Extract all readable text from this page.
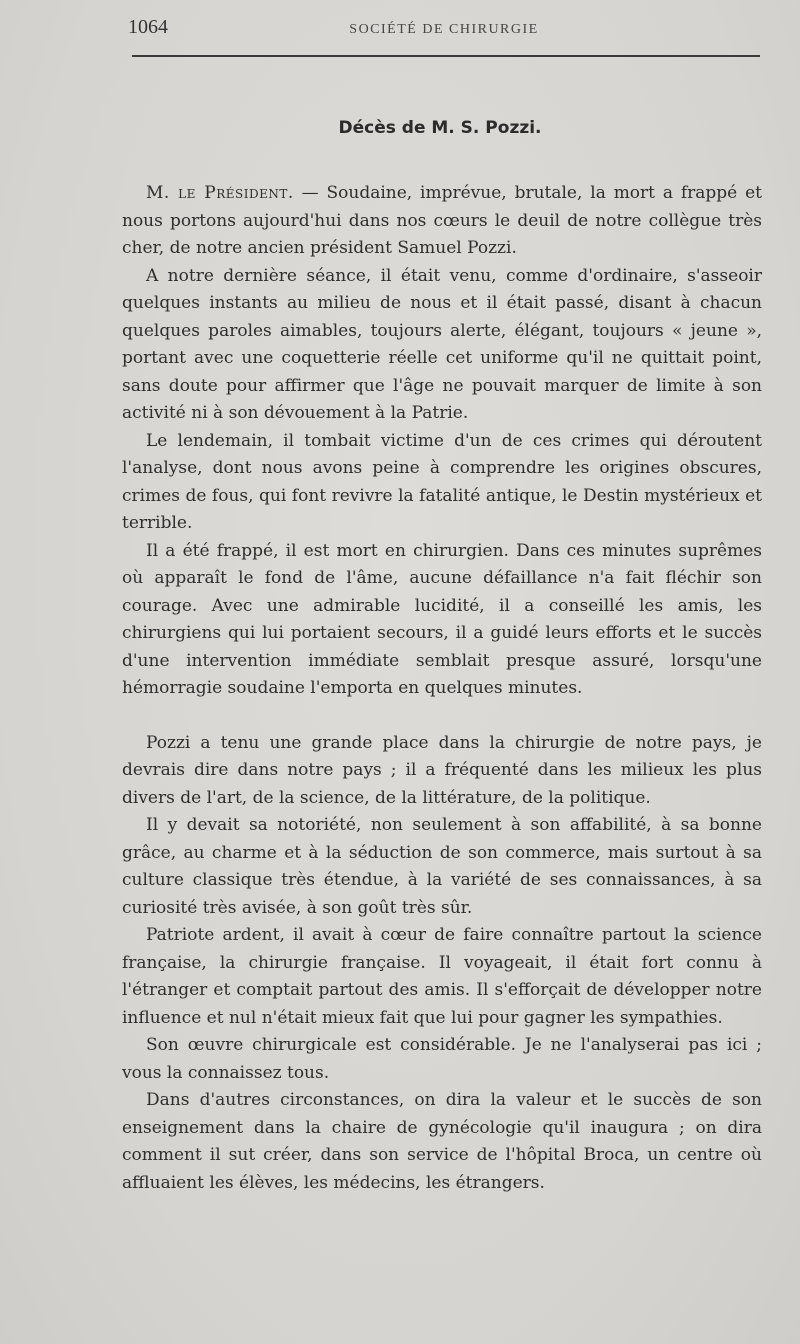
1064	SOCIÉTÉ DE CHIRURGIE
Décès de M. S. Pozzi.

M. le Président. — Soudaine, imprévue, brutale, la mort a frappé et nous portons aujourd'hui dans nos cœurs le deuil de notre collègue très cher, de notre ancien président Samuel Pozzi.

A notre dernière séance, il était venu, comme d'ordinaire, s'asseoir quelques instants au milieu de nous et il était passé, disant à chacun quelques paroles aimables, toujours alerte, élégant, toujours « jeune », portant avec une coquetterie réelle cet uniforme qu'il ne quittait point, sans doute pour affirmer que l'âge ne pouvait marquer de limite à son activité ni à son dévouement à la Patrie.

Le lendemain, il tombait victime d'un de ces crimes qui déroutent l'analyse, dont nous avons peine à comprendre les origines obscures, crimes de fous, qui font revivre la fatalité antique, le Destin mystérieux et terrible.

Il a été frappé, il est mort en chirurgien. Dans ces minutes suprêmes où apparaît le fond de l'âme, aucune défaillance n'a fait fléchir son courage. Avec une admirable lucidité, il a conseillé les amis, les chirurgiens qui lui portaient secours, il a guidé leurs efforts et le succès d'une intervention immédiate semblait presque assuré, lorsqu'une hémorragie soudaine l'emporta en quelques minutes.

Pozzi a tenu une grande place dans la chirurgie de notre pays, je devrais dire dans notre pays ; il a fréquenté dans les milieux les plus divers de l'art, de la science, de la littérature, de la politique.

Il y devait sa notoriété, non seulement à son affabilité, à sa bonne grâce, au charme et à la séduction de son commerce, mais surtout à sa culture classique très étendue, à la variété de ses connaissances, à sa curiosité très avisée, à son goût très sûr.

Patriote ardent, il avait à cœur de faire connaître partout la science française, la chirurgie française. Il voyageait, il était fort connu à l'étranger et comptait partout des amis. Il s'efforçait de développer notre influence et nul n'était mieux fait que lui pour gagner les sympathies.

Son œuvre chirurgicale est considérable. Je ne l'analyserai pas ici ; vous la connaissez tous.

Dans d'autres circonstances, on dira la valeur et le succès de son enseignement dans la chaire de gynécologie qu'il inaugura ; on dira comment il sut créer, dans son service de l'hôpital Broca, un centre où affluaient les élèves, les médecins, les étrangers.
